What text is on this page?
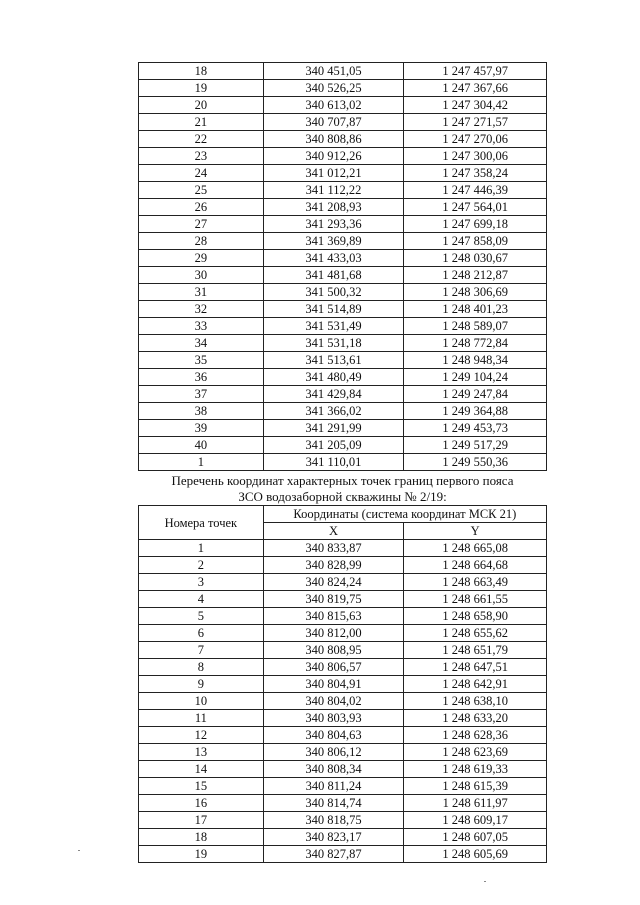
18	340 451,05	1 247 457,97
19	340 526,25	1 247 367,66
20	340 613,02	1 247 304,42
21	340 707,87	1 247 271,57
22	340 808,86	1 247 270,06
23	340 912,26	1 247 300,06
24	341 012,21	1 247 358,24
25	341 112,22	1 247 446,39
26	341 208,93	1 247 564,01
27	341 293,36	1 247 699,18
28	341 369,89	1 247 858,09
29	341 433,03	1 248 030,67
30	341 481,68	1 248 212,87
31	341 500,32	1 248 306,69
32	341 514,89	1 248 401,23
33	341 531,49	1 248 589,07
34	341 531,18	1 248 772,84
35	341 513,61	1 248 948,34
36	341 480,49	1 249 104,24
37	341 429,84	1 249 247,84
38	341 366,02	1 249 364,88
39	341 291,99	1 249 453,73
40	341 205,09	1 249 517,29
1	341 110,01	1 249 550,36
Перечень координат характерных точек границ первого пояса
ЗСО водозаборной скважины № 2/19:
Номера точек	Координаты (система координат МСК 21)	
	X	Y
1	340 833,87	1 248 665,08
2	340 828,99	1 248 664,68
3	340 824,24	1 248 663,49
4	340 819,75	1 248 661,55
5	340 815,63	1 248 658,90
6	340 812,00	1 248 655,62
7	340 808,95	1 248 651,79
8	340 806,57	1 248 647,51
9	340 804,91	1 248 642,91
10	340 804,02	1 248 638,10
11	340 803,93	1 248 633,20
12	340 804,63	1 248 628,36
13	340 806,12	1 248 623,69
14	340 808,34	1 248 619,33
15	340 811,24	1 248 615,39
16	340 814,74	1 248 611,97
17	340 818,75	1 248 609,17
18	340 823,17	1 248 607,05
19	340 827,87	1 248 605,69
